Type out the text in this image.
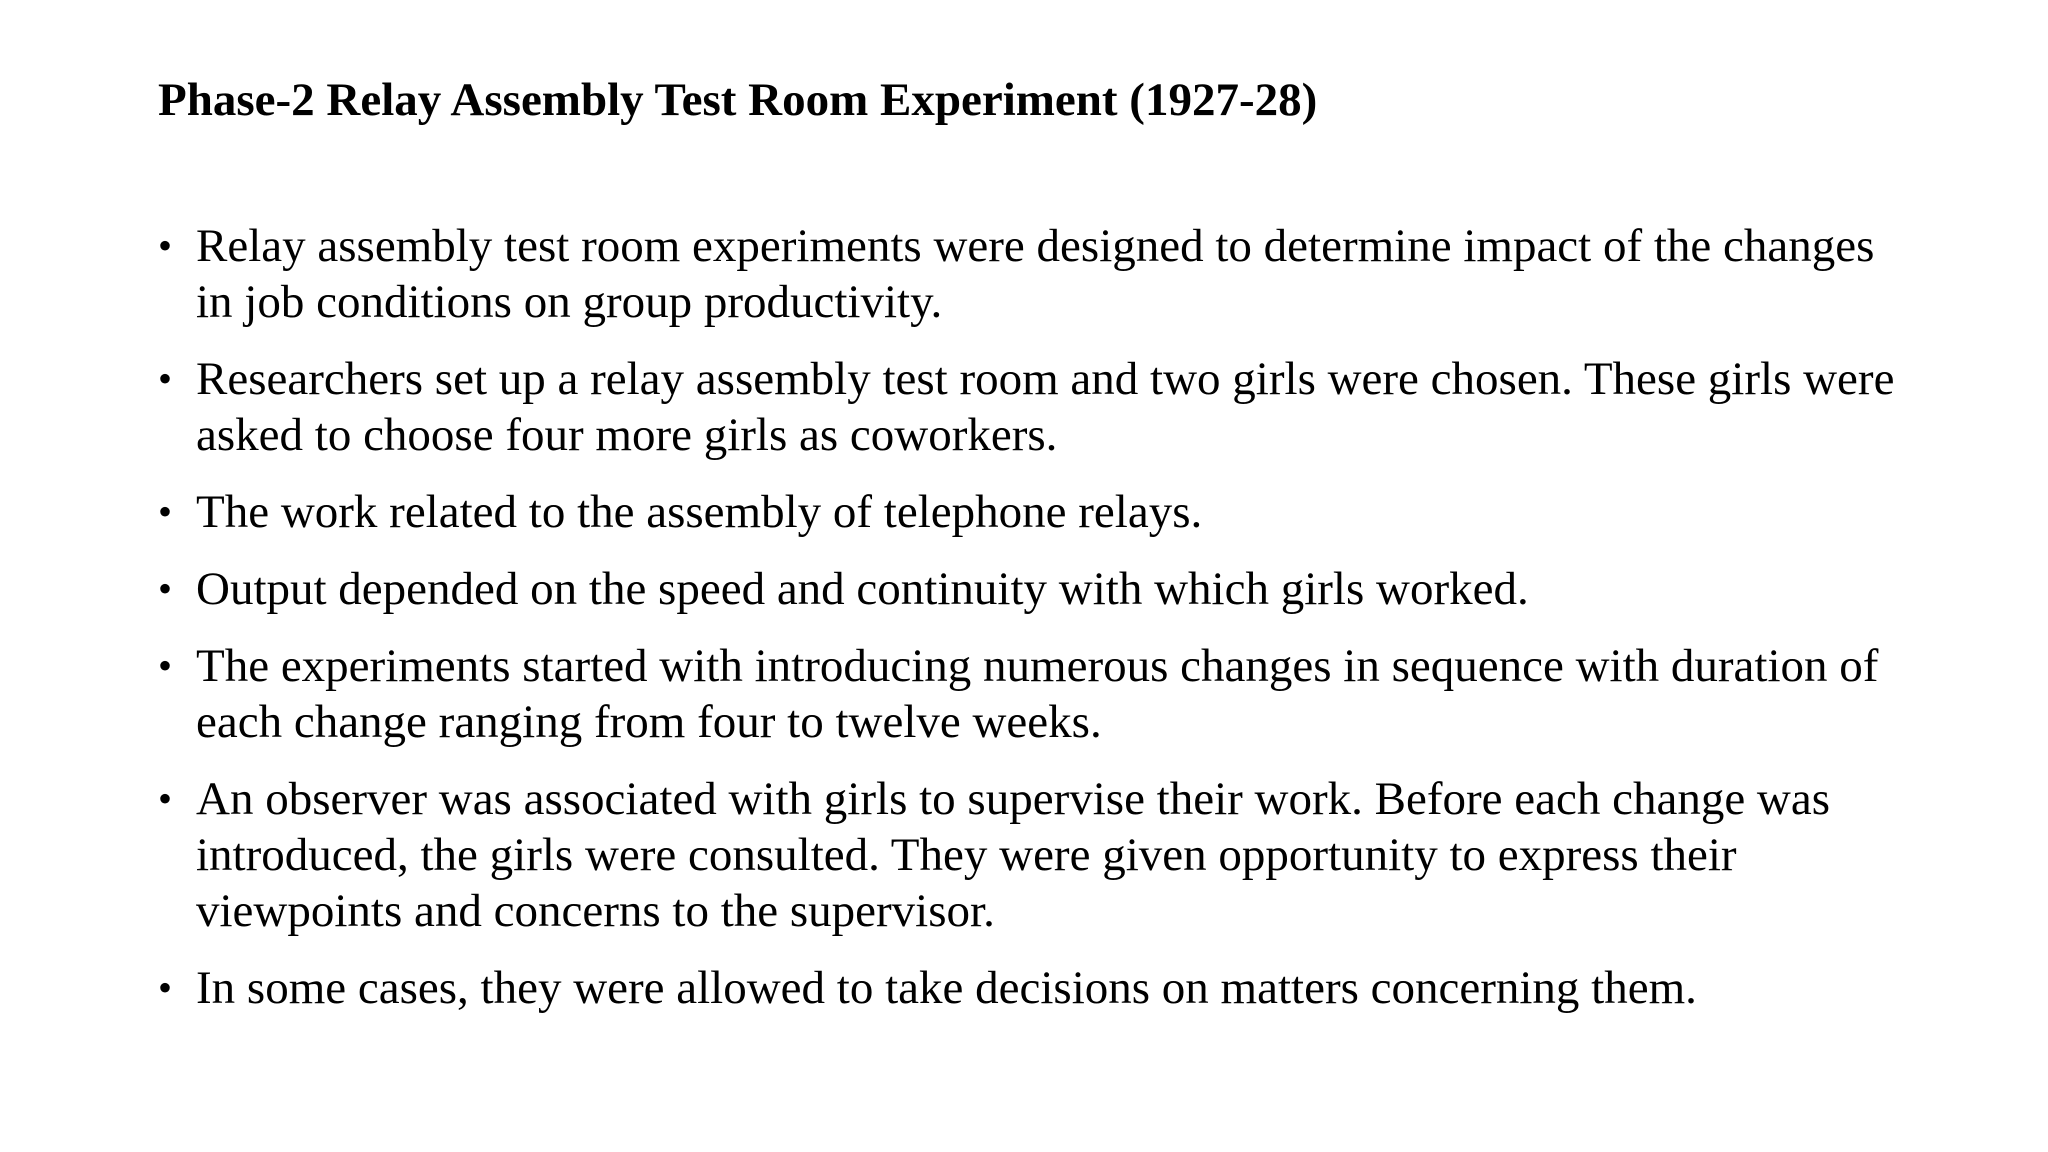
Phase-2 Relay Assembly Test Room Experiment (1927-28)
• Relay assembly test room experiments were designed to determine impact of the changes in job conditions on group productivity.
• Researchers set up a relay assembly test room and two girls were chosen. These girls were asked to choose four more girls as coworkers.
• The work related to the assembly of telephone relays.
• Output depended on the speed and continuity with which girls worked.
• The experiments started with introducing numerous changes in sequence with duration of each change ranging from four to twelve weeks.
• An observer was associated with girls to supervise their work. Before each change was introduced, the girls were consulted. They were given opportunity to express their viewpoints and concerns to the supervisor.
• In some cases, they were allowed to take decisions on matters concerning them.
